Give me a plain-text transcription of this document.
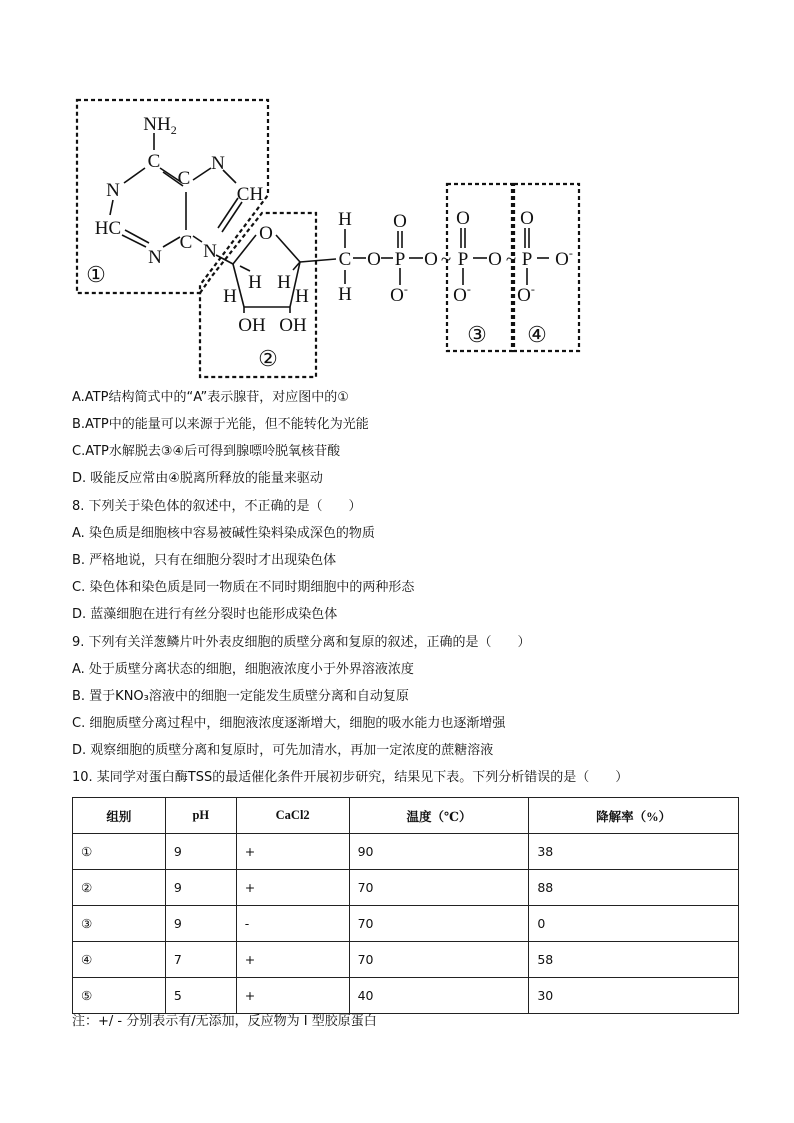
$NH_2$
C
N
C
N
CH
HC
C
N N
O
H
H
H
H
OH OH
H
C
H
O P
O
O-
O ~ P
O
O-
O ~ P
O
O-
O-
①
②
③ ④
A.ATP结构简式中的“A”表示腺苷，对应图中的①
B.ATP中的能量可以来源于光能，但不能转化为光能
C.ATP水解脱去③④后可得到腺嘌呤脱氧核苷酸
D. 吸能反应常由④脱离所释放的能量来驱动
8. 下列关于染色体的叙述中，不正确的是（　　）
A. 染色质是细胞核中容易被碱性染料染成深色的物质
B. 严格地说，只有在细胞分裂时才出现染色体
C. 染色体和染色质是同一物质在不同时期细胞中的两种形态
D. 蓝藻细胞在进行有丝分裂时也能形成染色体
9. 下列有关洋葱鳞片叶外表皮细胞的质壁分离和复原的叙述，正确的是（　　）
A. 处于质壁分离状态的细胞，细胞液浓度小于外界溶液浓度
B. 置于KNO₃溶液中的细胞一定能发生质壁分离和自动复原
C. 细胞质壁分离过程中，细胞液浓度逐渐增大，细胞的吸水能力也逐渐增强
D. 观察细胞的质壁分离和复原时，可先加清水，再加一定浓度的蔗糖溶液
10. 某同学对蛋白酶TSS的最适催化条件开展初步研究，结果见下表。下列分析错误的是（　　）
组别	pH	CaCl2	温度（℃）	降解率（%）
①	9	+	90	38
②	9	+	70	88
③	9	-	70	0
④	7	+	70	58
⑤	5	+	40	30
注：+/ - 分别表示有/无添加，反应物为 I 型胶原蛋白
